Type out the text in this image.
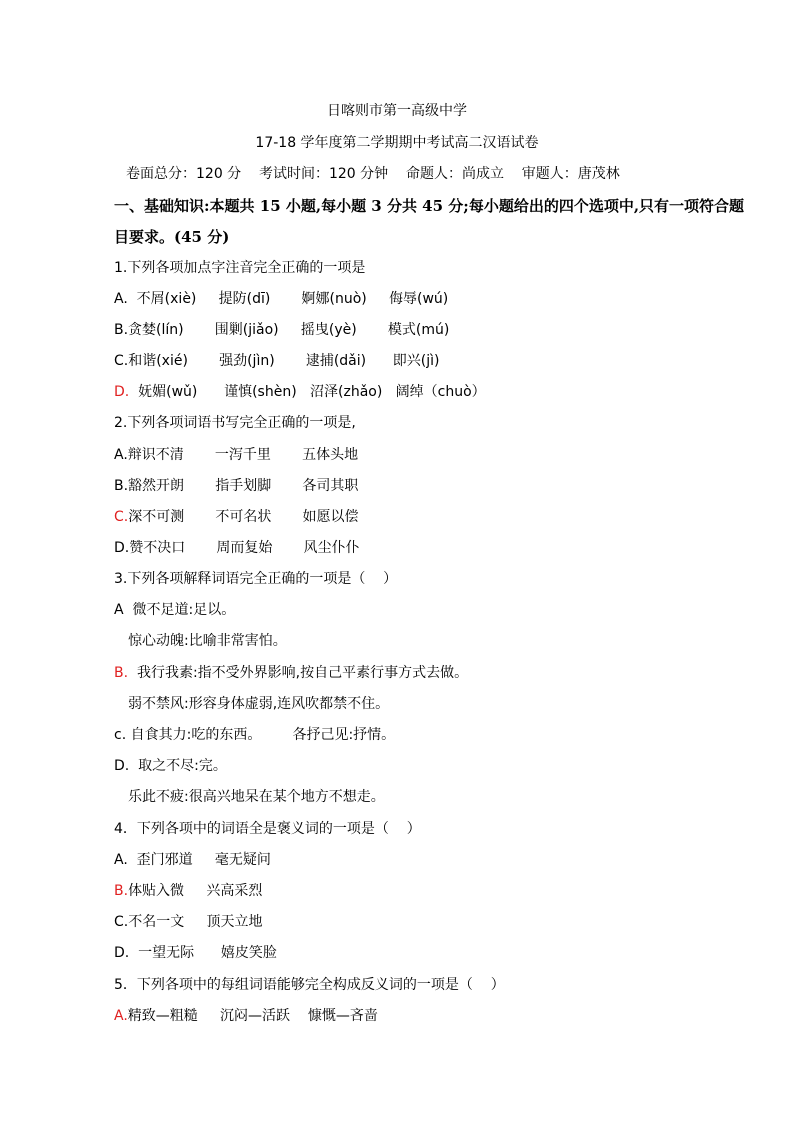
日喀则市第一高级中学
17-18 学年度第二学期期中考试高二汉语试卷
卷面总分：120 分    考试时间：120 分钟    命题人：尚成立    审题人：唐茂林
一、基础知识:本题共 15 小题,每小题 3 分共 45 分;每小题给出的四个选项中,只有一项符合题
目要求。(45 分)
1.下列各项加点字注音完全正确的一项是
A.  不屑(xiè)     提防(dī)       婀娜(nuò)     侮辱(wú)
B.贪婪(lín)       围剿(jiǎo)     摇曳(yè)       模式(mú)
C.和谐(xié)       强劲(jìn)       逮捕(dǎi)      即兴(jì)
D.  妩媚(wǔ)      谨慎(shèn)   沼泽(zhǎo)   阔绰（chuò）
2.下列各项词语书写完全正确的一项是,
A.辩识不清       一泻千里       五体头地
B.豁然开朗       指手划脚       各司其职
C.深不可测       不可名状       如愿以偿
D.赞不决口       周而复始       风尘仆仆
3.下列各项解释词语完全正确的一项是（    ）
A  微不足道:足以。
惊心动魄:比喻非常害怕。
B.  我行我素:指不受外界影响,按自己平素行事方式去做。
弱不禁风:形容身体虚弱,连风吹都禁不住。
c. 自食其力:吃的东西。       各抒己见:抒情。
D.  取之不尽:完。
乐此不疲:很高兴地呆在某个地方不想走。
4．下列各项中的词语全是褒义词的一项是（    ）
A.  歪门邪道     毫无疑问
B.体贴入微     兴高采烈
C.不名一文     顶天立地
D.  一望无际      嬉皮笑脸
5．下列各项中的每组词语能够完全构成反义词的一项是（    ）
A.精致—粗糙     沉闷—活跃    慷慨—吝啬
